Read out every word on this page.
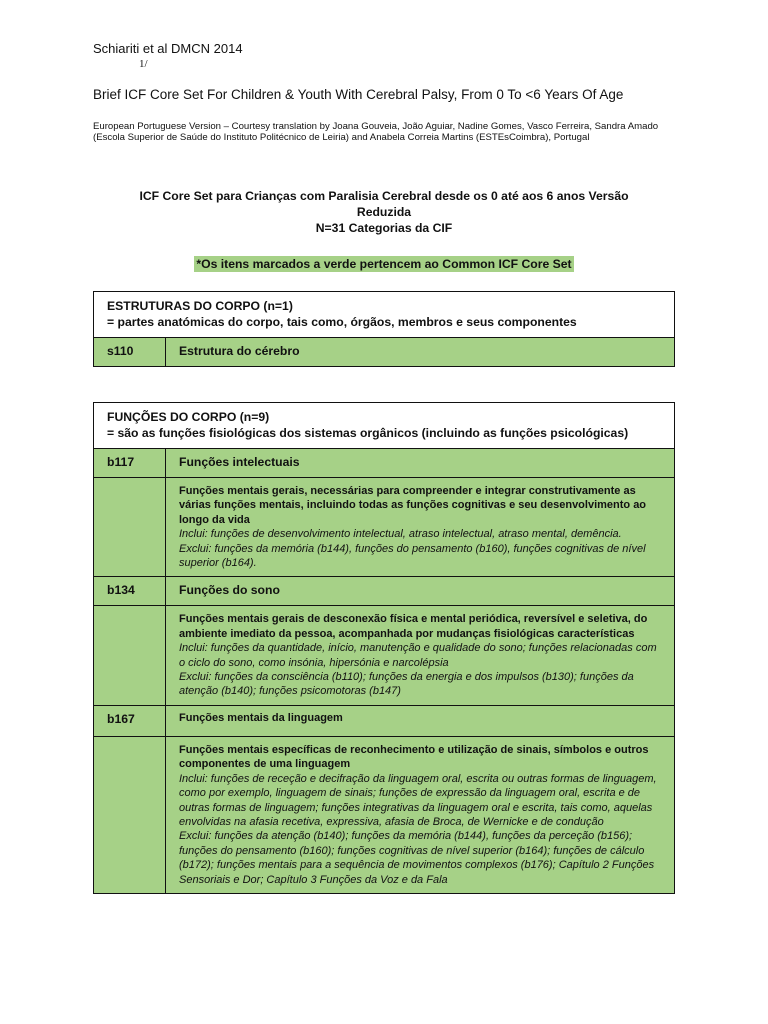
Schiariti et al DMCN 2014
1/
Brief ICF Core Set For Children & Youth With Cerebral Palsy, From 0 To <6 Years Of Age
European Portuguese Version – Courtesy translation by Joana Gouveia, João Aguiar, Nadine Gomes, Vasco Ferreira, Sandra Amado (Escola Superior de Saúde do Instituto Politécnico de Leiria) and Anabela Correia Martins (ESTEsCoimbra), Portugal
ICF Core Set para Crianças com Paralisia Cerebral desde os 0 até aos 6 anos Versão
Reduzida
N=31 Categorias da CIF
*Os itens marcados a verde pertencem ao Common ICF Core Set
ESTRUTURAS DO CORPO (n=1)
= partes anatómicas do corpo, tais como, órgãos, membros e seus componentes

s110	Estrutura do cérebro
FUNÇÕES DO CORPO (n=9)
= são as funções fisiológicas dos sistemas orgânicos (incluindo as funções psicológicas)	

b117	Funções intelectuais

	Funções mentais gerais, necessárias para compreender e integrar construtivamente as várias funções mentais, incluindo todas as funções cognitivas e seu desenvolvimento ao longo da vida
Inclui: funções de desenvolvimento intelectual, atraso intelectual, atraso mental, demência.
Exclui: funções da memória (b144), funções do pensamento (b160), funções cognitivas de nível superior (b164).

b134	Funções do sono

	Funções mentais gerais de desconexão física e mental periódica, reversível e seletiva, do ambiente imediato da pessoa, acompanhada por mudanças fisiológicas características
Inclui: funções da quantidade, início, manutenção e qualidade do sono; funções relacionadas com o ciclo do sono, como insónia, hipersónia e narcolépsia
Exclui: funções da consciência (b110); funções da energia e dos impulsos (b130); funções da atenção (b140); funções psicomotoras (b147)

b167	Funções mentais da linguagem

	Funções mentais específicas de reconhecimento e utilização de sinais, símbolos e outros componentes de uma linguagem
Inclui: funções de receção e decifração da linguagem oral, escrita ou outras formas de linguagem, como por exemplo, linguagem de sinais; funções de expressão da linguagem oral, escrita e de outras formas de linguagem; funções integrativas da linguagem oral e escrita, tais como, aquelas envolvidas na afasia recetiva, expressiva, afasia de Broca, de Wernicke e de condução
Exclui: funções da atenção (b140); funções da memória (b144), funções da perceção (b156); funções do pensamento (b160); funções cognitivas de nível superior (b164); funções de cálculo (b172); funções mentais para a sequência de movimentos complexos (b176); Capítulo 2 Funções Sensoriais e Dor; Capítulo 3 Funções da Voz e da Fala
